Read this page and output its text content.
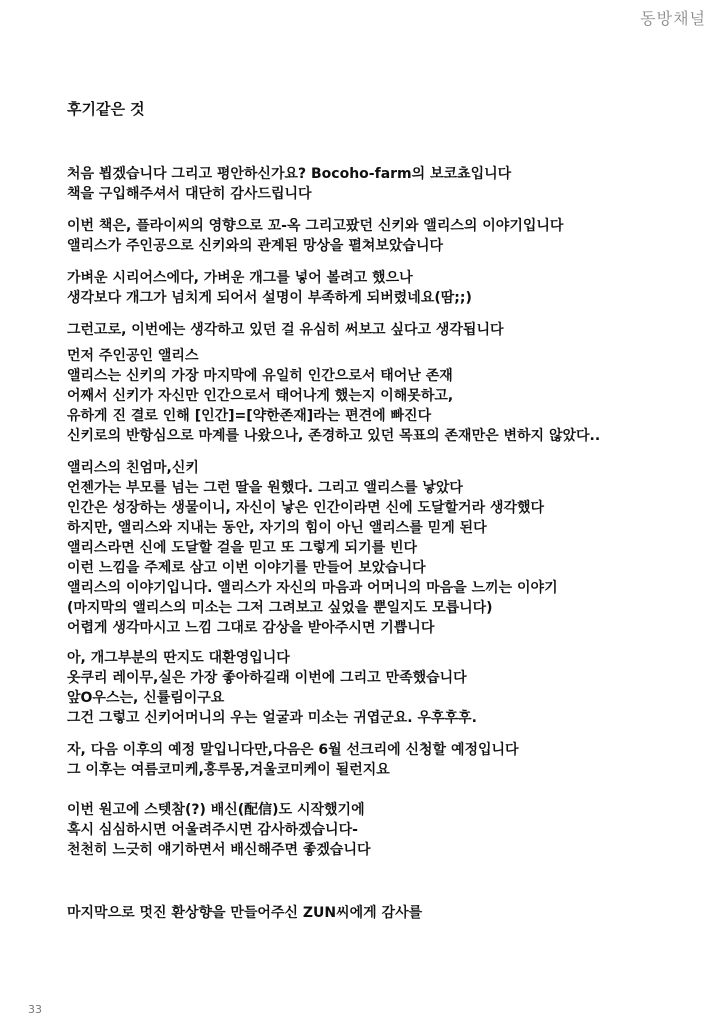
동방채널
후기같은 것
처음 뵙겠습니다 그리고 평안하신가요? Bocoho-farm의 보코쵸입니다
책을 구입해주셔서 대단히 감사드립니다
이번 책은, 플라이씨의 영향으로 꼬-옥 그리고팠던 신키와 앨리스의 이야기입니다
앨리스가 주인공으로 신키와의 관계된 망상을 펼쳐보았습니다
가벼운 시리어스에다, 가벼운 개그를 넣어 볼려고 했으나
생각보다 개그가 넘치게 되어서 설명이 부족하게 되버렸네요(땀;;)
그런고로, 이번에는 생각하고 있던 걸 유심히 써보고 싶다고 생각됩니다
먼저 주인공인 앨리스
앨리스는 신키의 가장 마지막에 유일히 인간으로서 태어난 존재
어째서 신키가 자신만 인간으로서 태어나게 했는지 이해못하고,
유하게 진 결로 인해 [인간]=[약한존재]라는 편견에 빠진다
신키로의 반항심으로 마계를 나왔으나, 존경하고 있던 목표의 존재만은 변하지 않았다..
앨리스의 친엄마,신키
언젠가는 부모를 넘는 그런 딸을 원했다. 그리고 앨리스를 낳았다
인간은 성장하는 생물이니, 자신이 낳은 인간이라면 신에 도달할거라 생각했다
하지만, 앨리스와 지내는 동안, 자기의 힘이 아닌 앨리스를 믿게 된다
앨리스라면 신에 도달할 걸을 믿고 또 그렇게 되기를 빈다
이런 느낌을 주제로 삼고 이번 이야기를 만들어 보았습니다
앨리스의 이야기입니다. 앨리스가 자신의 마음과 어머니의 마음을 느끼는 이야기
(마지막의 앨리스의 미소는 그저 그려보고 싶었을 뿐일지도 모릅니다)
어렵게 생각마시고 느낌 그대로 감상을 받아주시면 기쁩니다
아, 개그부분의 딴지도 대환영입니다
옷쿠리 레이무,실은 가장 좋아하길래 이번에 그리고 만족했습니다
앞O우스는, 신률림이구요
그건 그렇고 신키어머니의 우는 얼굴과 미소는 귀엽군요. 우후후후.
자, 다음 이후의 예정 말입니다만,다음은 6월 선크리에 신청할 예정입니다
그 이후는 여름코미케,홍루몽,겨울코미케이 될런지요
이번 원고에 스텟참(?) 배신(配信)도 시작했기에
혹시 심심하시면 어울려주시면 감사하겠습니다-
천천히 느긋히 얘기하면서 배신해주면 좋겠습니다
마지막으로 멋진 환상향을 만들어주신 ZUN씨에게 감사를
33
